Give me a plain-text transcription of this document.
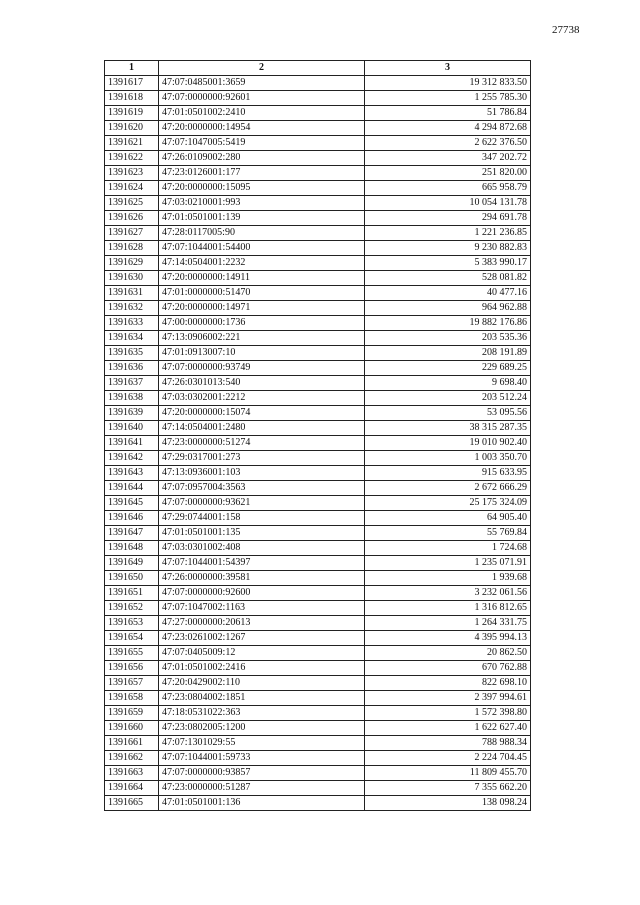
27738
1	2	3
1391617	47:07:0485001:3659	19 312 833.50
1391618	47:07:0000000:92601	1 255 785.30
1391619	47:01:0501002:2410	51 786.84
1391620	47:20:0000000:14954	4 294 872.68
1391621	47:07:1047005:5419	2 622 376.50
1391622	47:26:0109002:280	347 202.72
1391623	47:23:0126001:177	251 820.00
1391624	47:20:0000000:15095	665 958.79
1391625	47:03:0210001:993	10 054 131.78
1391626	47:01:0501001:139	294 691.78
1391627	47:28:0117005:90	1 221 236.85
1391628	47:07:1044001:54400	9 230 882.83
1391629	47:14:0504001:2232	5 383 990.17
1391630	47:20:0000000:14911	528 081.82
1391631	47:01:0000000:51470	40 477.16
1391632	47:20:0000000:14971	964 962.88
1391633	47:00:0000000:1736	19 882 176.86
1391634	47:13:0906002:221	203 535.36
1391635	47:01:0913007:10	208 191.89
1391636	47:07:0000000:93749	229 689.25
1391637	47:26:0301013:540	9 698.40
1391638	47:03:0302001:2212	203 512.24
1391639	47:20:0000000:15074	53 095.56
1391640	47:14:0504001:2480	38 315 287.35
1391641	47:23:0000000:51274	19 010 902.40
1391642	47:29:0317001:273	1 003 350.70
1391643	47:13:0936001:103	915 633.95
1391644	47:07:0957004:3563	2 672 666.29
1391645	47:07:0000000:93621	25 175 324.09
1391646	47:29:0744001:158	64 905.40
1391647	47:01:0501001:135	55 769.84
1391648	47:03:0301002:408	1 724.68
1391649	47:07:1044001:54397	1 235 071.91
1391650	47:26:0000000:39581	1 939.68
1391651	47:07:0000000:92600	3 232 061.56
1391652	47:07:1047002:1163	1 316 812.65
1391653	47:27:0000000:20613	1 264 331.75
1391654	47:23:0261002:1267	4 395 994.13
1391655	47:07:0405009:12	20 862.50
1391656	47:01:0501002:2416	670 762.88
1391657	47:20:0429002:110	822 698.10
1391658	47:23:0804002:1851	2 397 994.61
1391659	47:18:0531022:363	1 572 398.80
1391660	47:23:0802005:1200	1 622 627.40
1391661	47:07:1301029:55	788 988.34
1391662	47:07:1044001:59733	2 224 704.45
1391663	47:07:0000000:93857	11 809 455.70
1391664	47:23:0000000:51287	7 355 662.20
1391665	47:01:0501001:136	138 098.24
